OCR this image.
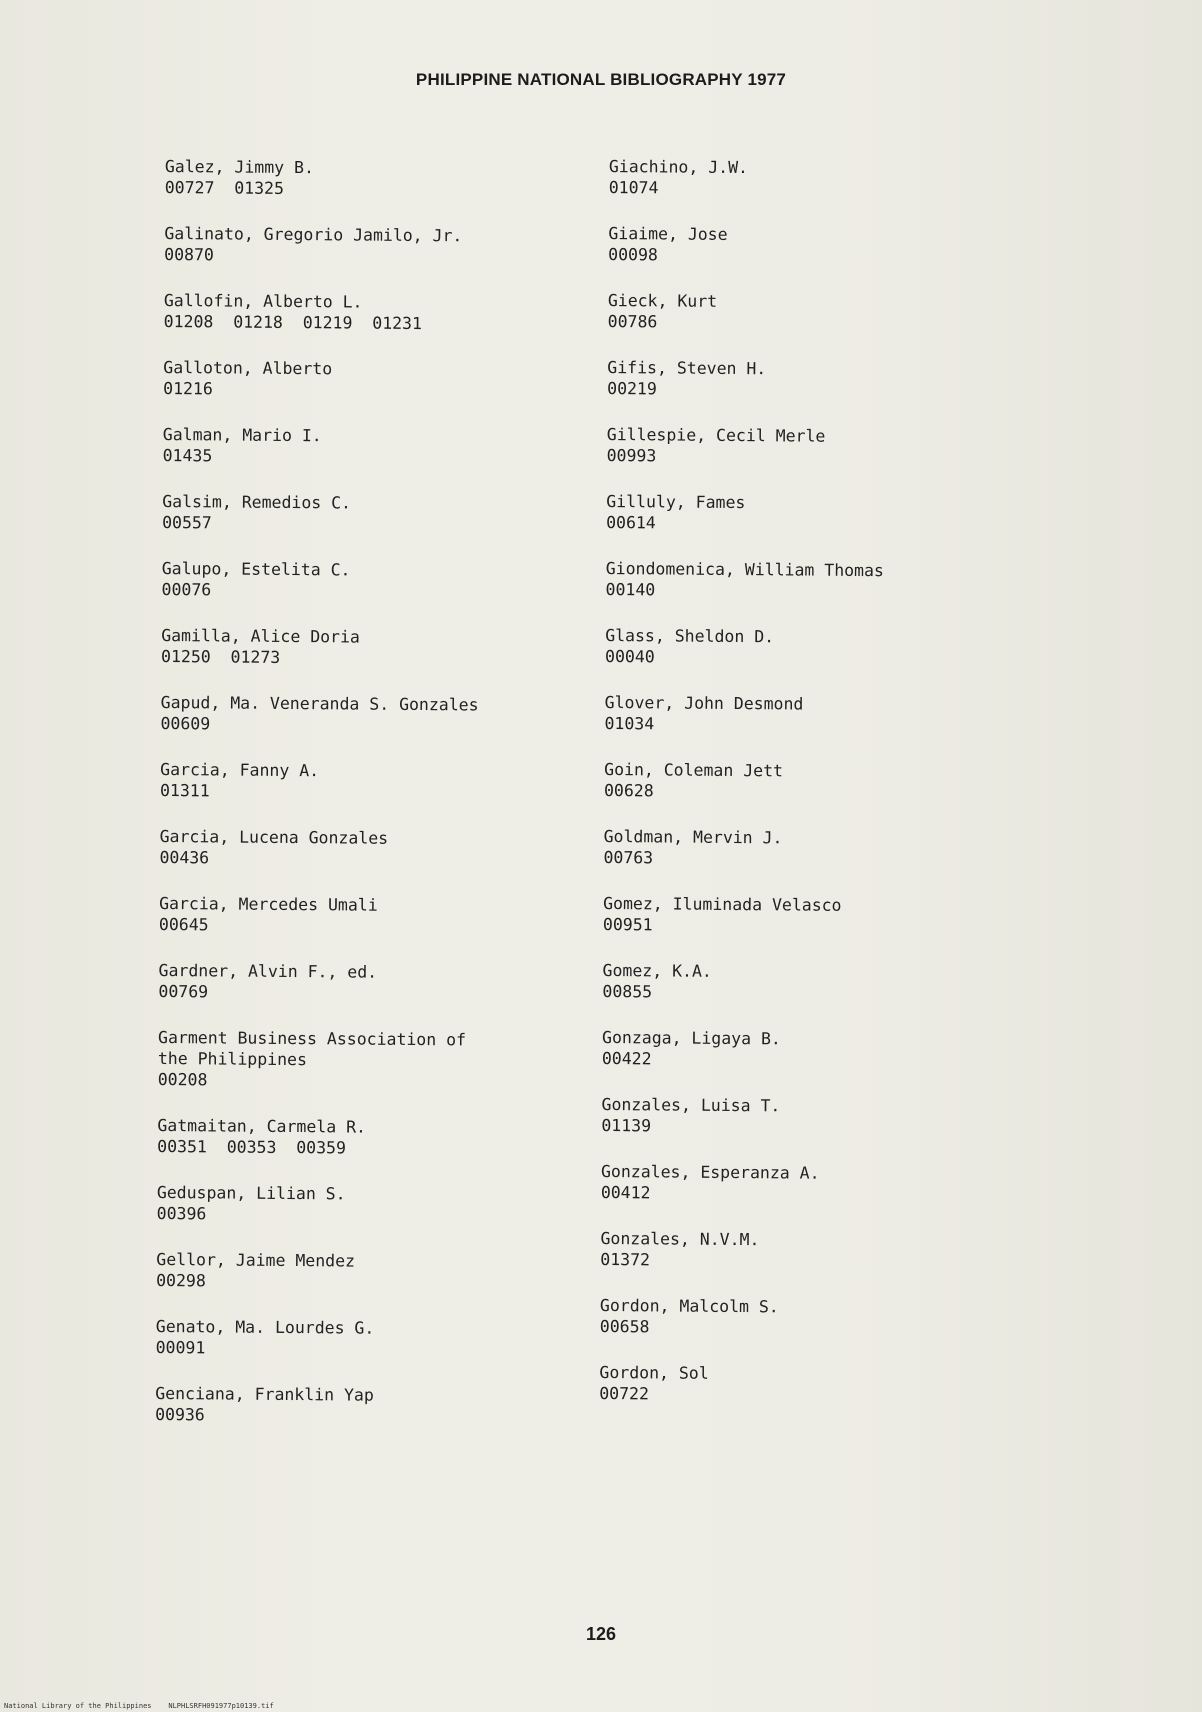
PHILIPPINE NATIONAL BIBLIOGRAPHY 1977
Galez, Jimmy B.
00727  01325
Galinato, Gregorio Jamilo, Jr.
00870
Gallofin, Alberto L.
01208  01218  01219  01231
Galloton, Alberto
01216
Galman, Mario I.
01435
Galsim, Remedios C.
00557
Galupo, Estelita C.
00076
Gamilla, Alice Doria
01250  01273
Gapud, Ma. Veneranda S. Gonzales
00609
Garcia, Fanny A.
01311
Garcia, Lucena Gonzales
00436
Garcia, Mercedes Umali
00645
Gardner, Alvin F., ed.
00769
Garment Business Association of
the Philippines
00208
Gatmaitan, Carmela R.
00351  00353  00359
Geduspan, Lilian S.
00396
Gellor, Jaime Mendez
00298
Genato, Ma. Lourdes G.
00091
Genciana, Franklin Yap
00936
Giachino, J.W.
01074
Giaime, Jose
00098
Gieck, Kurt
00786
Gifis, Steven H.
00219
Gillespie, Cecil Merle
00993
Gilluly, Fames
00614
Giondomenica, William Thomas
00140
Glass, Sheldon D.
00040
Glover, John Desmond
01034
Goin, Coleman Jett
00628
Goldman, Mervin J.
00763
Gomez, Iluminada Velasco
00951
Gomez, K.A.
00855
Gonzaga, Ligaya B.
00422
Gonzales, Luisa T.
01139
Gonzales, Esperanza A.
00412
Gonzales, N.V.M.
01372
Gordon, Malcolm S.
00658
Gordon, Sol
00722
126
National Library of the Philippines    NLPHLSRFH091977p10139.tif
